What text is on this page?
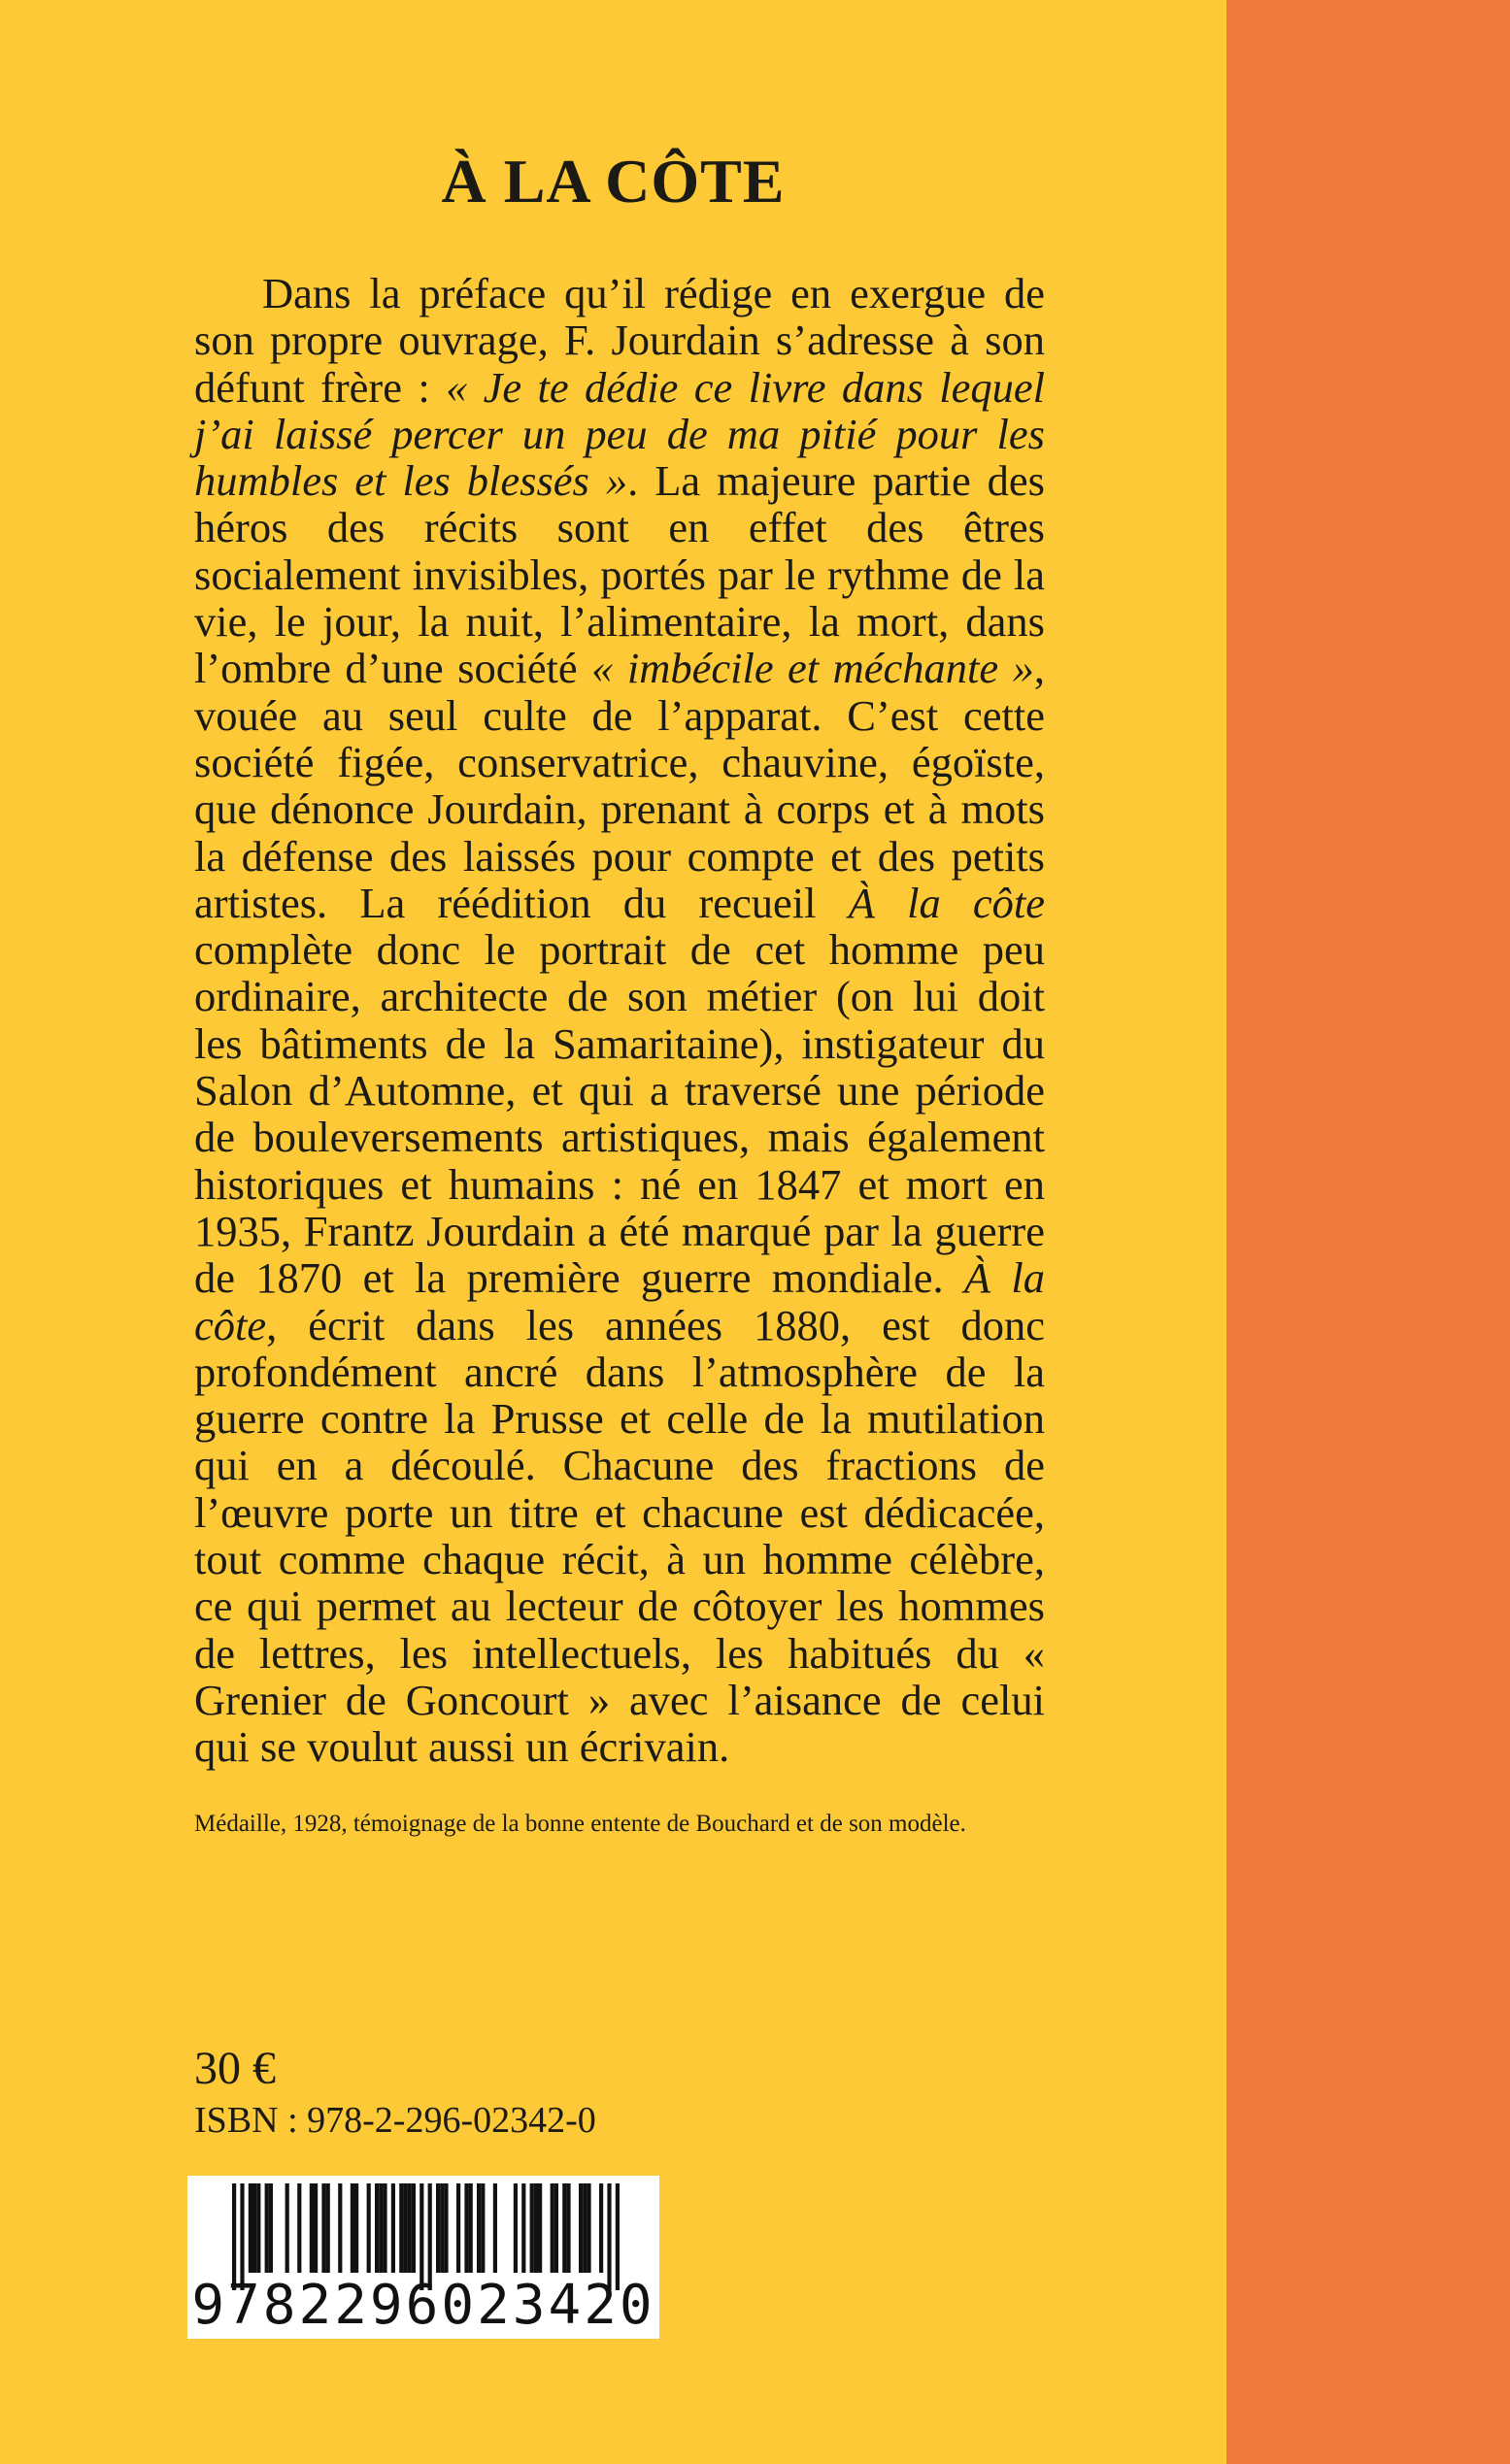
À LA CÔTE

Dans la préface qu’il rédige en exergue de son propre ouvrage, F. Jourdain s’adresse à son défunt frère : « Je te dédie ce livre dans lequel j’ai laissé percer un peu de ma pitié pour les humbles et les blessés ». La majeure partie des héros des récits sont en effet des êtres socialement invisibles, portés par le rythme de la vie, le jour, la nuit, l’alimentaire, la mort, dans l’ombre d’une société « imbécile et méchante », vouée au seul culte de l’apparat. C’est cette société figée, conservatrice, chauvine, égoïste, que dénonce Jourdain, prenant à corps et à mots la défense des laissés pour compte et des petits artistes. La réédition du recueil À la côte complète donc le portrait de cet homme peu ordinaire, architecte de son métier (on lui doit les bâtiments de la Samaritaine), instigateur du Salon d’Automne, et qui a traversé une période de bouleversements artistiques, mais également historiques et humains : né en 1847 et mort en 1935, Frantz Jourdain a été marqué par la guerre de 1870 et la première guerre mondiale. À la côte, écrit dans les années 1880, est donc profondément ancré dans l’atmosphère de la guerre contre la Prusse et celle de la mutilation qui en a découlé. Chacune des fractions de l’œuvre porte un titre et chacune est dédicacée, tout comme chaque récit, à un homme célèbre, ce qui permet au lecteur de côtoyer les hommes de lettres, les intellectuels, les habitués du « Grenier de Goncourt » avec l’aisance de celui qui se voulut aussi un écrivain.

Médaille, 1928, témoignage de la bonne entente de Bouchard et de son modèle.

30 €

ISBN : 978-2-296-02342-0

9782296023420
